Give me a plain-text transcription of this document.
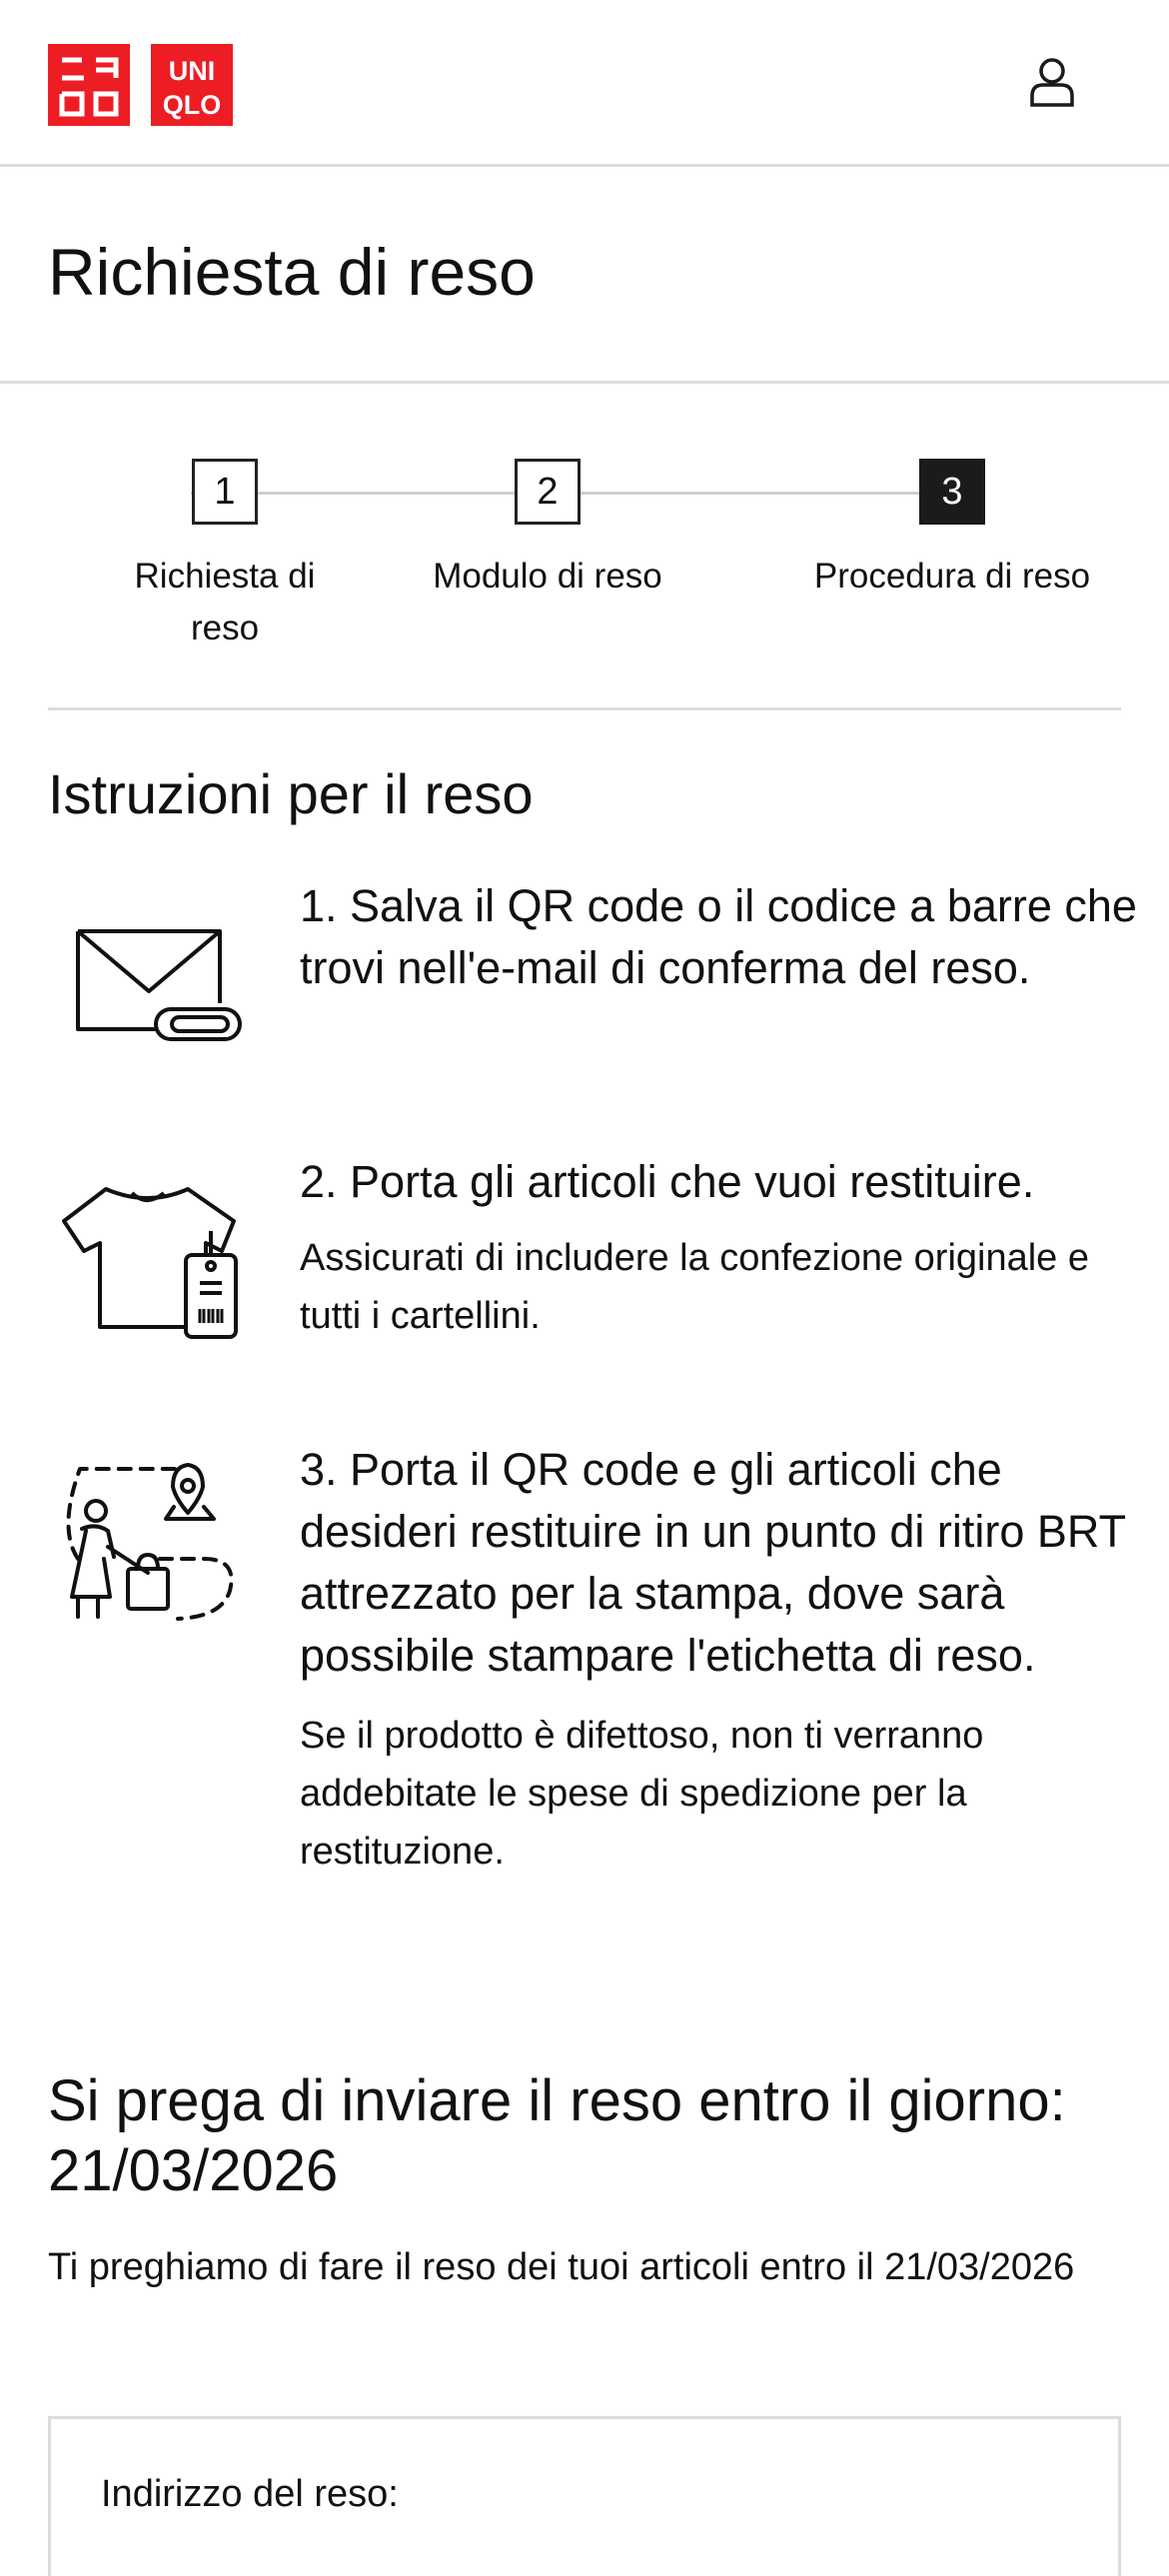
UNI
QLO
Richiesta di reso
1
Richiesta di reso
2
Modulo di reso
3
Procedura di reso
Istruzioni per il reso

1. Salva il QR code o il codice a barre che trovi nell'e-mail di conferma del reso.

2. Porta gli articoli che vuoi restituire.

Assicurati di includere la confezione originale e tutti i cartellini.

3. Porta il QR code e gli articoli che desideri restituire in un punto di ritiro BRT attrezzato per la stampa, dove sarà possibile stampare l'etichetta di reso.

Se il prodotto è difettoso, non ti verranno addebitate le spese di spedizione per la restituzione.

Si prega di inviare il reso entro il giorno: 21/03/2026

Ti preghiamo di fare il reso dei tuoi articoli entro il 21/03/2026

Indirizzo del reso:
